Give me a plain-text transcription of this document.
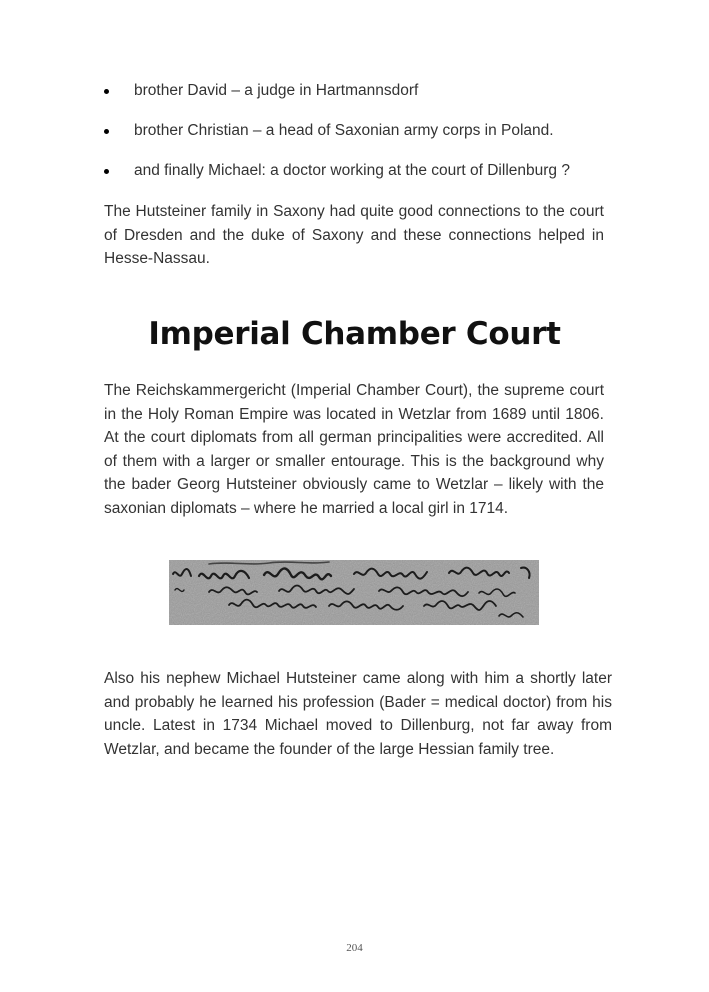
brother David – a judge in Hartmannsdorf
brother Christian – a head of Saxonian army corps in Poland.
and finally Michael: a doctor working at the court of Dillenburg ?

The Hutsteiner family in Saxony had quite good connections to the court of Dresden and the duke of Saxony and these connections helped in Hesse-Nassau.

Imperial Chamber Court

The Reichskammergericht (Imperial Chamber Court), the supreme court in the Holy Roman Empire was located in Wetzlar from 1689 until 1806. At the court diplomats from all german principalities were accredited. All of them with a larger or smaller entourage. This is the background why the bader Georg Hutsteiner obviously came to Wetzlar – likely with the saxonian diplomats – where he married a local girl in 1714.

Also his nephew Michael Hutsteiner came along with him a shortly later and probably he learned his profession (Bader = medical doctor) from his uncle. Latest in 1734 Michael moved to Dillenburg, not far away from Wetzlar, and became the founder of the large Hessian family tree.

204
